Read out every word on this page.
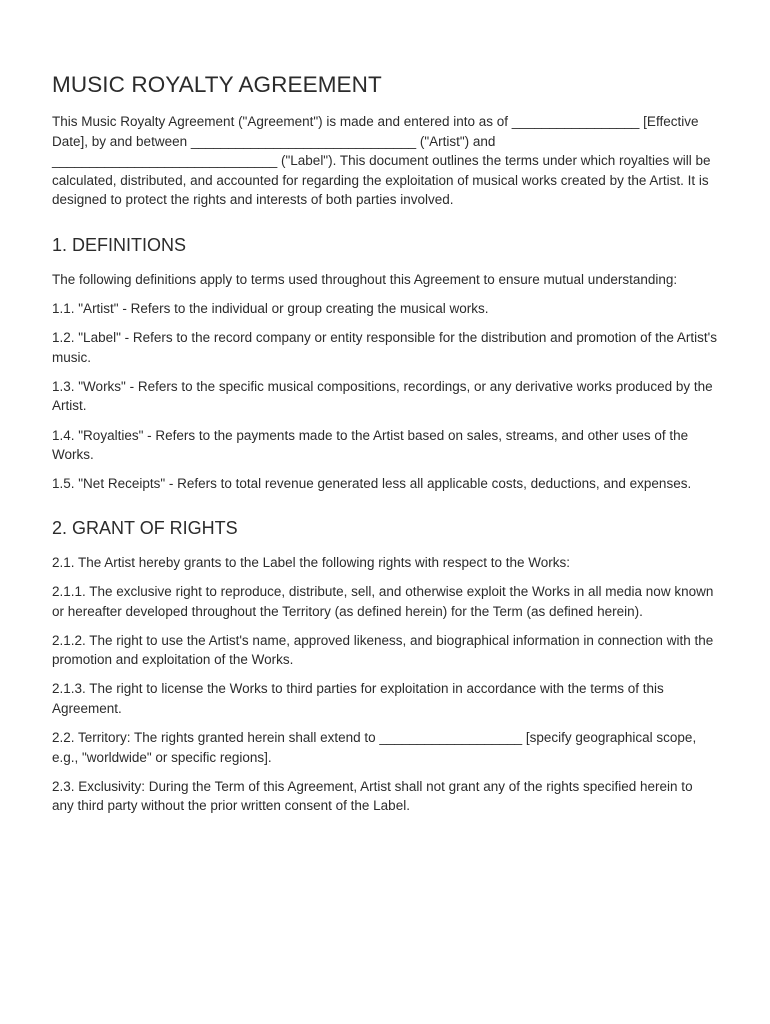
MUSIC ROYALTY AGREEMENT

This Music Royalty Agreement ("Agreement") is made and entered into as of _________________ [Effective Date], by and between ______________________________ ("Artist") and ______________________________ ("Label"). This document outlines the terms under which royalties will be calculated, distributed, and accounted for regarding the exploitation of musical works created by the Artist. It is designed to protect the rights and interests of both parties involved.

1. DEFINITIONS

The following definitions apply to terms used throughout this Agreement to ensure mutual understanding:

1.1. "Artist" - Refers to the individual or group creating the musical works.

1.2. "Label" - Refers to the record company or entity responsible for the distribution and promotion of the Artist's music.

1.3. "Works" - Refers to the specific musical compositions, recordings, or any derivative works produced by the Artist.

1.4. "Royalties" - Refers to the payments made to the Artist based on sales, streams, and other uses of the Works.

1.5. "Net Receipts" - Refers to total revenue generated less all applicable costs, deductions, and expenses.

2. GRANT OF RIGHTS

2.1. The Artist hereby grants to the Label the following rights with respect to the Works:

2.1.1. The exclusive right to reproduce, distribute, sell, and otherwise exploit the Works in all media now known or hereafter developed throughout the Territory (as defined herein) for the Term (as defined herein).

2.1.2. The right to use the Artist's name, approved likeness, and biographical information in connection with the promotion and exploitation of the Works.

2.1.3. The right to license the Works to third parties for exploitation in accordance with the terms of this Agreement.

2.2. Territory: The rights granted herein shall extend to ___________________ [specify geographical scope, e.g., "worldwide" or specific regions].

2.3. Exclusivity: During the Term of this Agreement, Artist shall not grant any of the rights specified herein to any third party without the prior written consent of the Label.
